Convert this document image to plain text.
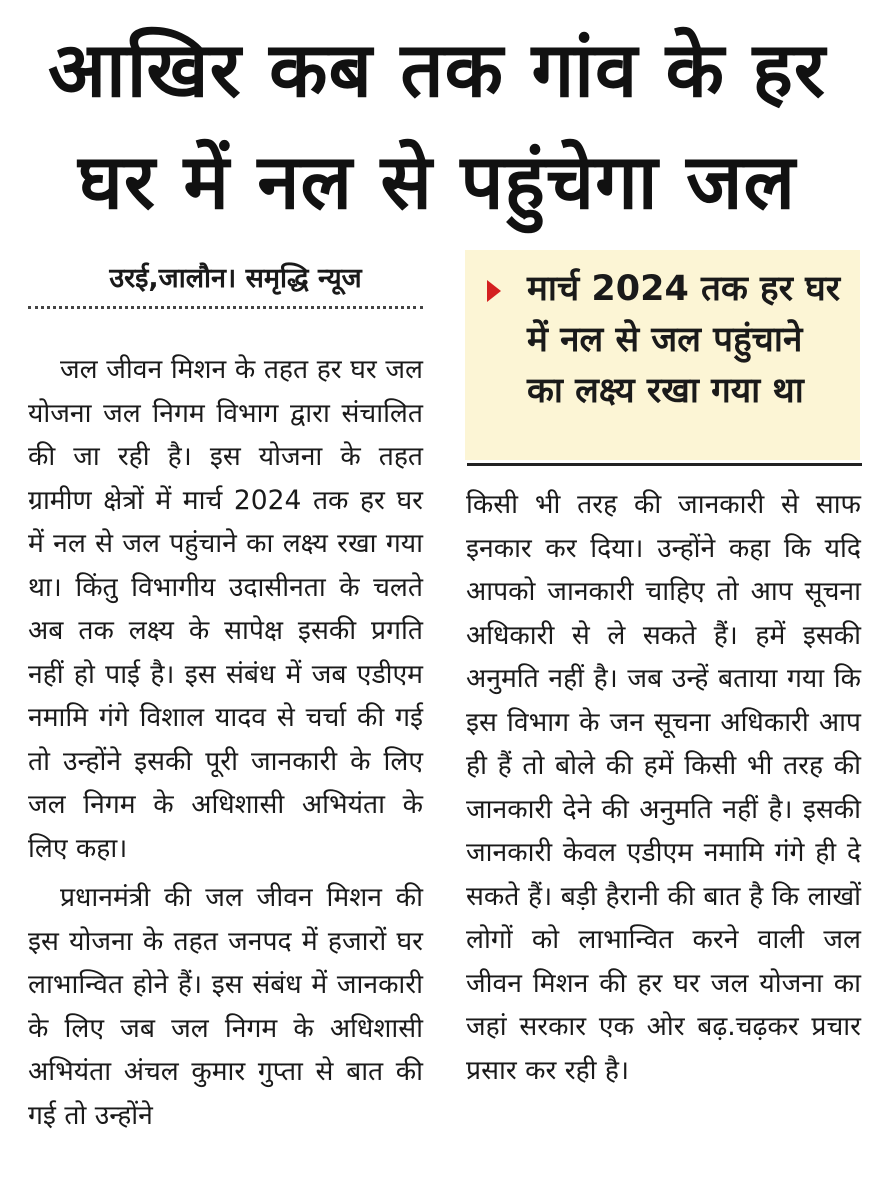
आखिर कब तक गांव के हर
घर में नल से पहुंचेगा जल
उरई,जालौन। समृद्धि न्यूज	मार्च 2024 तक हर घर में नल से जल पहुंचाने का लक्ष्य रखा गया था

जल जीवन मिशन के तहत हर घर जल योजना जल निगम विभाग द्वारा संचालित की जा रही है। इस योजना के तहत ग्रामीण क्षेत्रों में मार्च 2024 तक हर घर में नल से जल पहुंचाने का लक्ष्य रखा गया था। किंतु विभागीय उदासीनता के चलते अब तक लक्ष्य के सापेक्ष इसकी प्रगति नहीं हो पाई है। इस संबंध में जब एडीएम नमामि गंगे विशाल यादव से चर्चा की गई तो उन्होंने इसकी पूरी जानकारी के लिए जल निगम के अधिशासी अभियंता के लिए कहा।

प्रधानमंत्री की जल जीवन मिशन की इस योजना के तहत जनपद में हजारों घर लाभान्वित होने हैं। इस संबंध में जानकारी के लिए जब जल निगम के अधिशासी अभियंता अंचल कुमार गुप्ता से बात की गई तो उन्होंने

किसी भी तरह की जानकारी से साफ इनकार कर दिया। उन्होंने कहा कि यदि आपको जानकारी चाहिए तो आप सूचना अधिकारी से ले सकते हैं। हमें इसकी अनुमति नहीं है। जब उन्हें बताया गया कि इस विभाग के जन सूचना अधिकारी आप ही हैं तो बोले की हमें किसी भी तरह की जानकारी देने की अनुमति नहीं है। इसकी जानकारी केवल एडीएम नमामि गंगे ही दे सकते हैं। बड़ी हैरानी की बात है कि लाखों लोगों को लाभान्वित करने वाली जल जीवन मिशन की हर घर जल योजना का जहां सरकार एक ओर बढ़.चढ़कर प्रचार प्रसार कर रही है।
